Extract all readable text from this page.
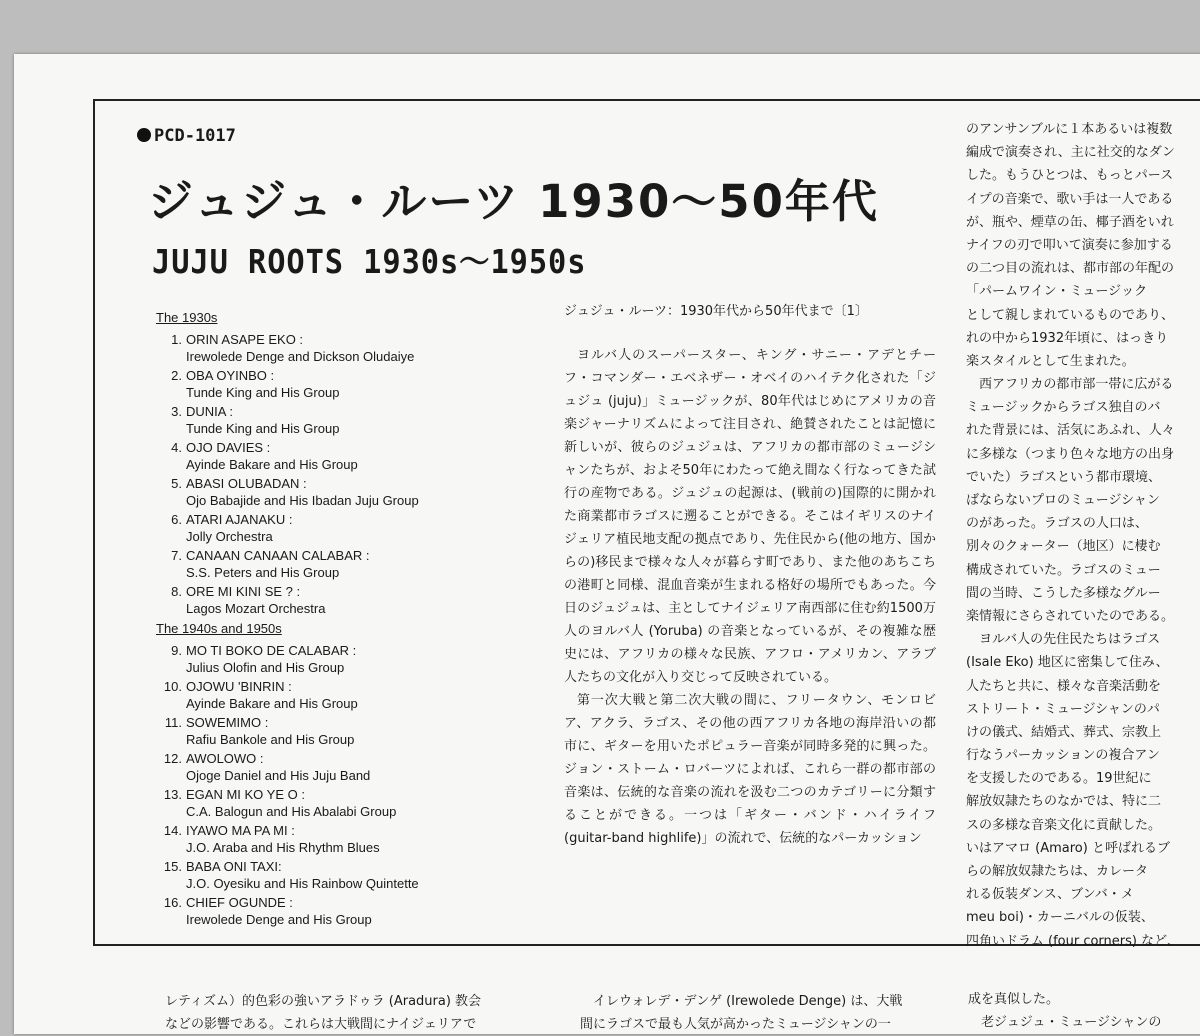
PCD-1017
ジュジュ・ルーツ 1930〜50年代
JUJU ROOTS 1930s〜1950s
The 1930s
1. ORIN ASAPE EKO :
Irewolede Denge and Dickson Oludaiye
2. OBA OYINBO :
Tunde King and His Group
3. DUNIA :
Tunde King and His Group
4. OJO DAVIES :
Ayinde Bakare and His Group
5. ABASI OLUBADAN :
Ojo Babajide and His Ibadan Juju Group
6. ATARI AJANAKU :
Jolly Orchestra
7. CANAAN CANAAN CALABAR :
S.S. Peters and His Group
8. ORE MI KINI SE ? :
Lagos Mozart Orchestra
The 1940s and 1950s
9. MO TI BOKO DE CALABAR :
Julius Olofin and His Group
10. OJOWU 'BINRIN :
Ayinde Bakare and His Group
11. SOWEMIMO :
Rafiu Bankole and His Group
12. AWOLOWO :
Ojoge Daniel and His Juju Band
13. EGAN MI KO YE O :
C.A. Balogun and His Abalabi Group
14. IYAWO MA PA MI :
J.O. Araba and His Rhythm Blues
15. BABA ONI TAXI:
J.O. Oyesiku and His Rainbow Quintette
16. CHIEF OGUNDE :
Irewolede Denge and His Group
ジュジュ・ルーツ：1930年代から50年代まで〔1〕

ヨルバ人のスーパースター、キング・サニー・アデとチーフ・コマンダー・エベネザー・オベイのハイテク化された「ジュジュ (juju)」ミュージックが、80年代はじめにアメリカの音楽ジャーナリズムによって注目され、絶賛されたことは記憶に新しいが、彼らのジュジュは、アフリカの都市部のミュージシャンたちが、およそ50年にわたって絶え間なく行なってきた試行の産物である。ジュジュの起源は、(戦前の)国際的に開かれた商業都市ラゴスに遡ることができる。そこはイギリスのナイジェリア植民地支配の拠点であり、先住民から(他の地方、国からの)移民まで様々な人々が暮らす町であり、また他のあちこちの港町と同様、混血音楽が生まれる格好の場所でもあった。今日のジュジュは、主としてナイジェリア南西部に住む約1500万人のヨルバ人 (Yoruba) の音楽となっているが、その複雑な歴史には、アフリカの様々な民族、アフロ・アメリカン、アラブ人たちの文化が入り交じって反映されている。

第一次大戦と第二次大戦の間に、フリータウン、モンロビア、アクラ、ラゴス、その他の西アフリカ各地の海岸沿いの都市に、ギターを用いたポピュラー音楽が同時多発的に興った。ジョン・ストーム・ロバーツによれば、これら一群の都市部の音楽は、伝統的な音楽の流れを汲む二つのカテゴリーに分類することができる。一つは「ギター・バンド・ハイライフ (guitar-band highlife)」の流れで、伝統的なパーカッション

のアンサンブルに１本あるいは複数
編成で演奏され、主に社交的なダン
した。もうひとつは、もっとパース
イプの音楽で、歌い手は一人である
が、瓶や、煙草の缶、椰子酒をいれ
ナイフの刃で叩いて演奏に参加する
の二つ目の流れは、都市部の年配の
「パームワイン・ミュージック
として親しまれているものであり、
れの中から1932年頃に、はっきり
楽スタイルとして生まれた。
　西アフリカの都市部一帯に広がる
ミュージックからラゴス独自のバ
れた背景には、活気にあふれ、人々
に多様な（つまり色々な地方の出身
でいた）ラゴスという都市環境、
ばならないプロのミュージシャン
のがあった。ラゴスの人口は、
別々のクォーター（地区）に棲む
構成されていた。ラゴスのミュー
間の当時、こうした多様なグルー
楽情報にさらされていたのである。
　ヨルバ人の先住民たちはラゴス
(Isale Eko) 地区に密集して住み、
人たちと共に、様々な音楽活動を
ストリート・ミュージシャンのパ
けの儀式、結婚式、葬式、宗教上
行なうパーカッションの複合アン
を支援したのである。19世紀に
解放奴隷たちのなかでは、特に二
スの多様な音楽文化に貢献した。
いはアマロ (Amaro) と呼ばれるブ
らの解放奴隷たちは、カレータ
れる仮装ダンス、ブンバ・メ
meu boi)・カーニバルの仮装、
四角いドラム (four corners) など、
レティズム）的色彩の強いアラドゥラ (Aradura) 教会
などの影響である。これらは大戦間にナイジェリアで
　イレウォレデ・デンゲ (Irewolede Denge) は、大戦
間にラゴスで最も人気が高かったミュージシャンの一
成を真似した。
　老ジュジュ・ミュージシャンの
